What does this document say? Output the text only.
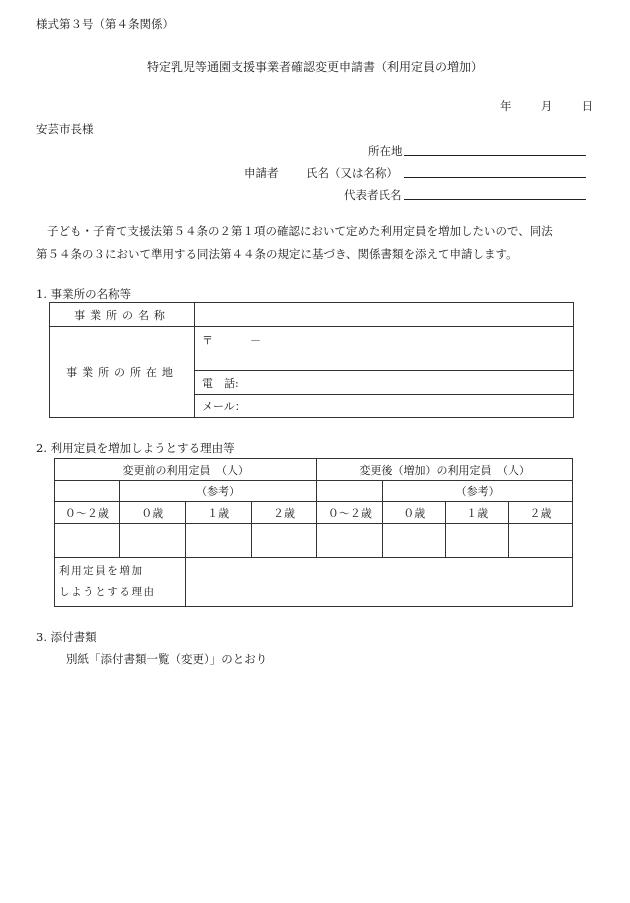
様式第３号（第４条関係）
特定乳児等通園支援事業者確認変更申請書（利用定員の増加）
年	月	日
安芸市長様
所在地
申請者 氏名（又は名称）
代表者氏名
子ども・子育て支援法第５４条の２第１項の確認において定めた利用定員を増加したいので、同法
第５４条の３において準用する同法第４４条の規定に基づき、関係書類を添えて申請します。
1. 事業所の名称等
事業所の名称	
事業所の所在地	〒 －
	電　話:
	メール：
2. 利用定員を増加しようとする理由等
変更前の利用定員　（人）				変更後（増加）の利用定員　（人）			
	（参考）				（参考）		
０～２歳	０歳	１歳	２歳	０～２歳	０歳	１歳	２歳

利用定員を増加
しようとする理由							
3. 添付書類
別紙「添付書類一覧（変更）」のとおり
